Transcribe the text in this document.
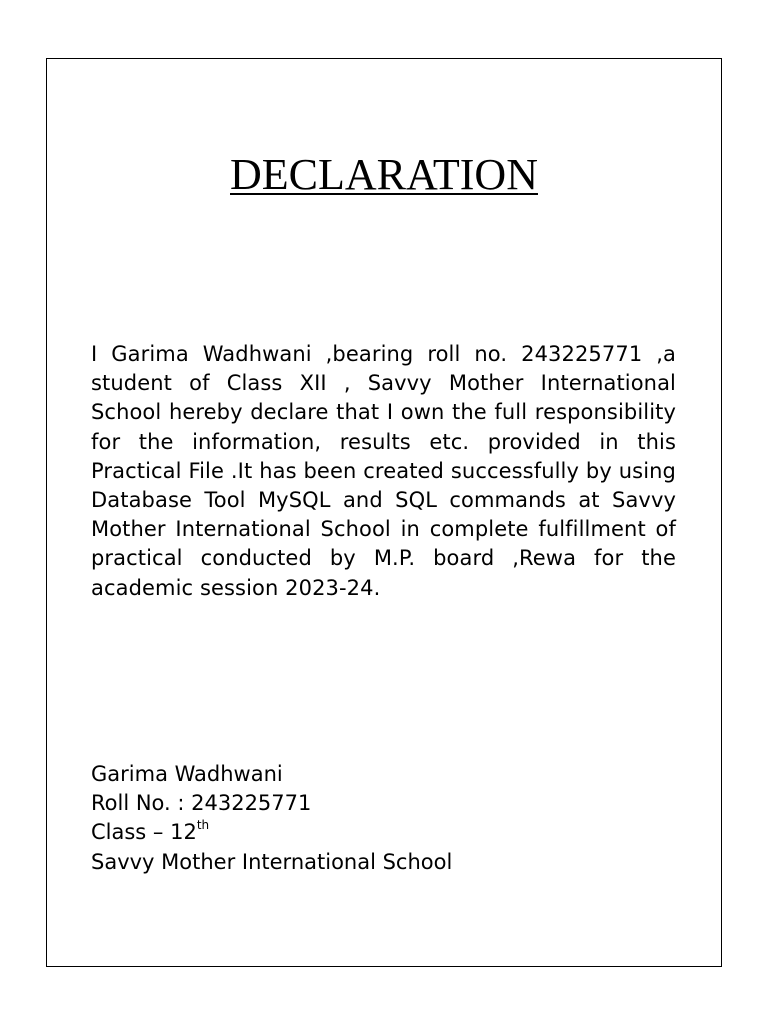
DECLARATION

I Garima Wadhwani ,bearing roll no. 243225771 ,a student of Class XII , Savvy Mother International School hereby declare that I own the full responsibility for the information, results etc. provided in this Practical File .It has been created successfully by using Database Tool MySQL and SQL commands at Savvy Mother International School in complete fulfillment of practical conducted by M.P. board ,Rewa for the academic session 2023-24.

Garima Wadhwani
Roll No. : 243225771
Class – 12th
Savvy Mother International School
